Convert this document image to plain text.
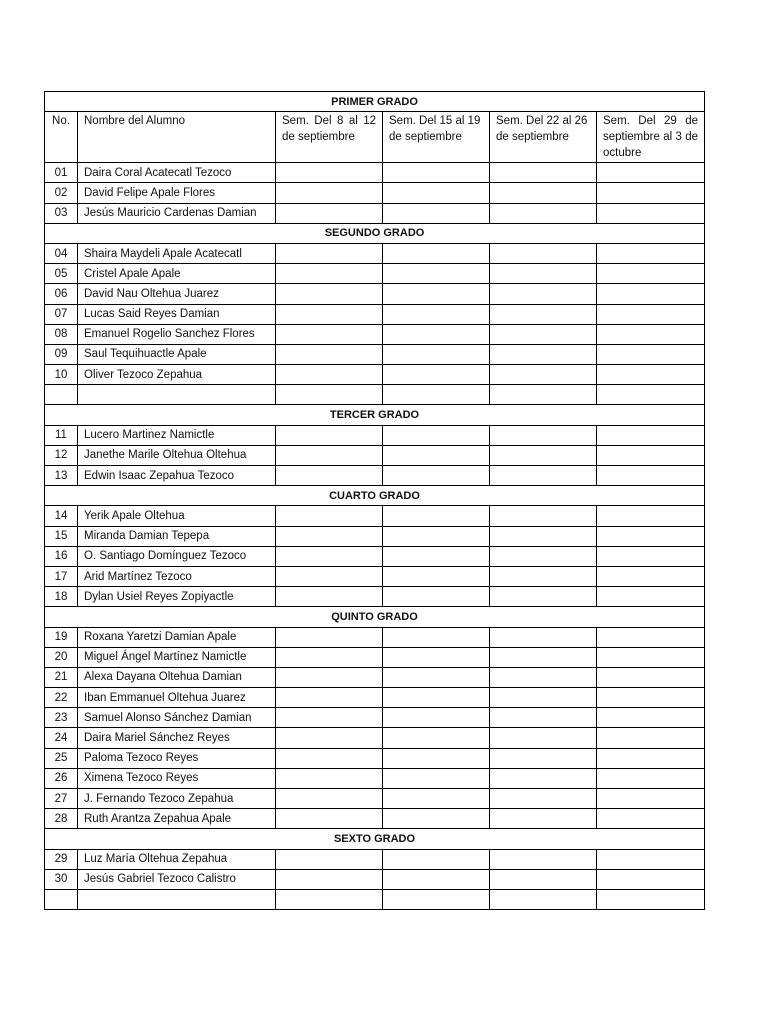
PRIMER GRADO					
No.	Nombre del Alumno	Sem. Del 8 al 12 de septiembre	Sem. Del 15 al 19 de septiembre	Sem. Del 22 al 26 de septiembre	Sem. Del 29 de septiembre al 3 de octubre
01	Daira Coral Acatecatl Tezoco				
02	David Felipe Apale Flores				
03	Jesús Mauricio Cardenas Damian				
SEGUNDO GRADO					
04	Shaira Maydeli Apale Acatecatl				
05	Cristel Apale Apale				
06	David Nau Oltehua Juarez				
07	Lucas Said Reyes Damian				
08	Emanuel Rogelio Sanchez Flores				
09	Saul Tequihuactle Apale				
10	Oliver Tezoco Zepahua				

TERCER GRADO					
11	Lucero Martinez Namictle				
12	Janethe Marile Oltehua Oltehua				
13	Edwin Isaac Zepahua Tezoco				
CUARTO GRADO					
14	Yerik Apale Oltehua				
15	Miranda Damian Tepepa				
16	O. Santiago Domínguez Tezoco				
17	Arid Martínez Tezoco				
18	Dylan Usiel Reyes Zopiyactle				
QUINTO GRADO					
19	Roxana Yaretzi Damian Apale				
20	Miguel Ángel Martínez Namictle				
21	Alexa Dayana Oltehua Damian				
22	Iban Emmanuel Oltehua Juarez				
23	Samuel Alonso Sánchez Damian				
24	Daira Mariel Sánchez Reyes				
25	Paloma Tezoco Reyes				
26	Ximena Tezoco Reyes				
27	J. Fernando Tezoco Zepahua				
28	Ruth Arantza Zepahua Apale				
SEXTO GRADO					
29	Luz María Oltehua Zepahua				
30	Jesús Gabriel Tezoco Calistro				
